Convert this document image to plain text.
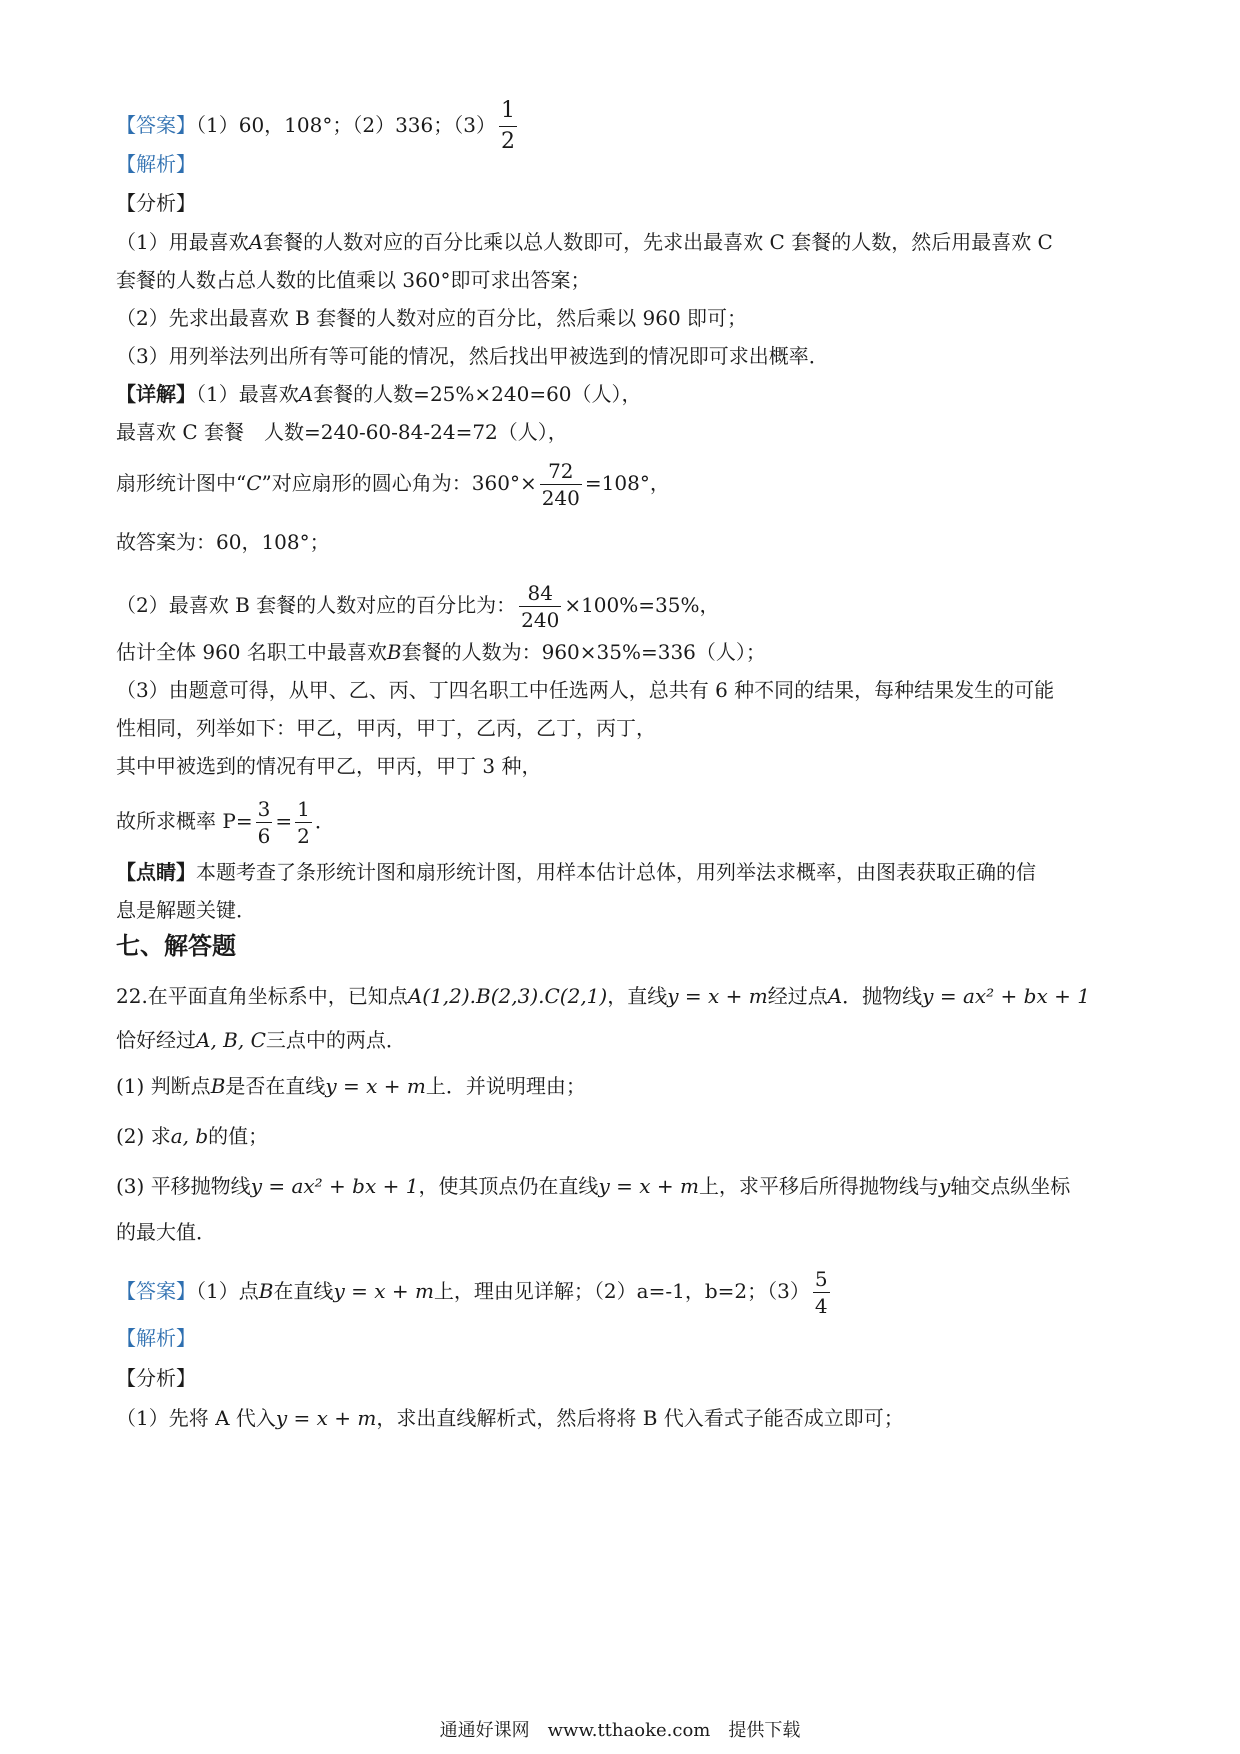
【答案】（1）60，108°；（2）336；$(3) \frac{1}{2}$
【解析】
【分析】
（1）用最喜欢A套餐的人数对应的百分比乘以总人数即可，先求出最喜欢 C 套餐的人数，然后用最喜欢 C
套餐的人数占总人数的比值乘以 360°即可求出答案；
（2）先求出最喜欢 B 套餐的人数对应的百分比，然后乘以 960 即可；
（3）用列举法列出所有等可能的情况，然后找出甲被选到的情况即可求出概率．
【详解】（1）最喜欢A套餐的人数=25%×240=60（人），
最喜欢 C 套餐　人数=240-60-84-24=72（人），
扇形统计图中“C”对应扇形的圆心角为：$360^\circ\times \frac{72}{240} =108^\circ$，
故答案为：60，108°；
（2）最喜欢 B 套餐的人数对应的百分比为： $\frac{84}{240} \times 100\%=35\%$，
估计全体 960 名职工中最喜欢B套餐的人数为：960×35%=336（人）；
（3）由题意可得，从甲、乙、丙、丁四名职工中任选两人，总共有 6 种不同的结果，每种结果发生的可能
性相同，列举如下：甲乙，甲丙，甲丁，乙丙，乙丁，丙丁，
其中甲被选到的情况有甲乙，甲丙，甲丁 3 种，
故所求概率 $P= \frac{3}{6} = \frac{1}{2}$ ．
【点睛】本题考查了条形统计图和扇形统计图，用样本估计总体，用列举法求概率，由图表获取正确的信
息是解题关键．
七、解答题
22.在平面直角坐标系中，已知点A(1,2).B(2,3).C(2,1)，直线y = x + m经过点A．抛物线y = ax² + bx + 1
恰好经过A, B, C三点中的两点．
(1) 判断点B是否在直线y = x + m上．并说明理由；
(2) 求a, b的值；
(3) 平移抛物线y = ax² + bx + 1，使其顶点仍在直线y = x + m上，求平移后所得抛物线与y轴交点纵坐标
的最大值．
【答案】（1）点B在直线y = x + m上，理由见详解；（2）a=-1，b=2；$(3) \frac{5}{4}$
【解析】
【分析】
（1）先将 A 代入y = x + m，求出直线解析式，然后将将 B 代入看式子能否成立即可；
通通好课网　www.tthaoke.com　提供下载
